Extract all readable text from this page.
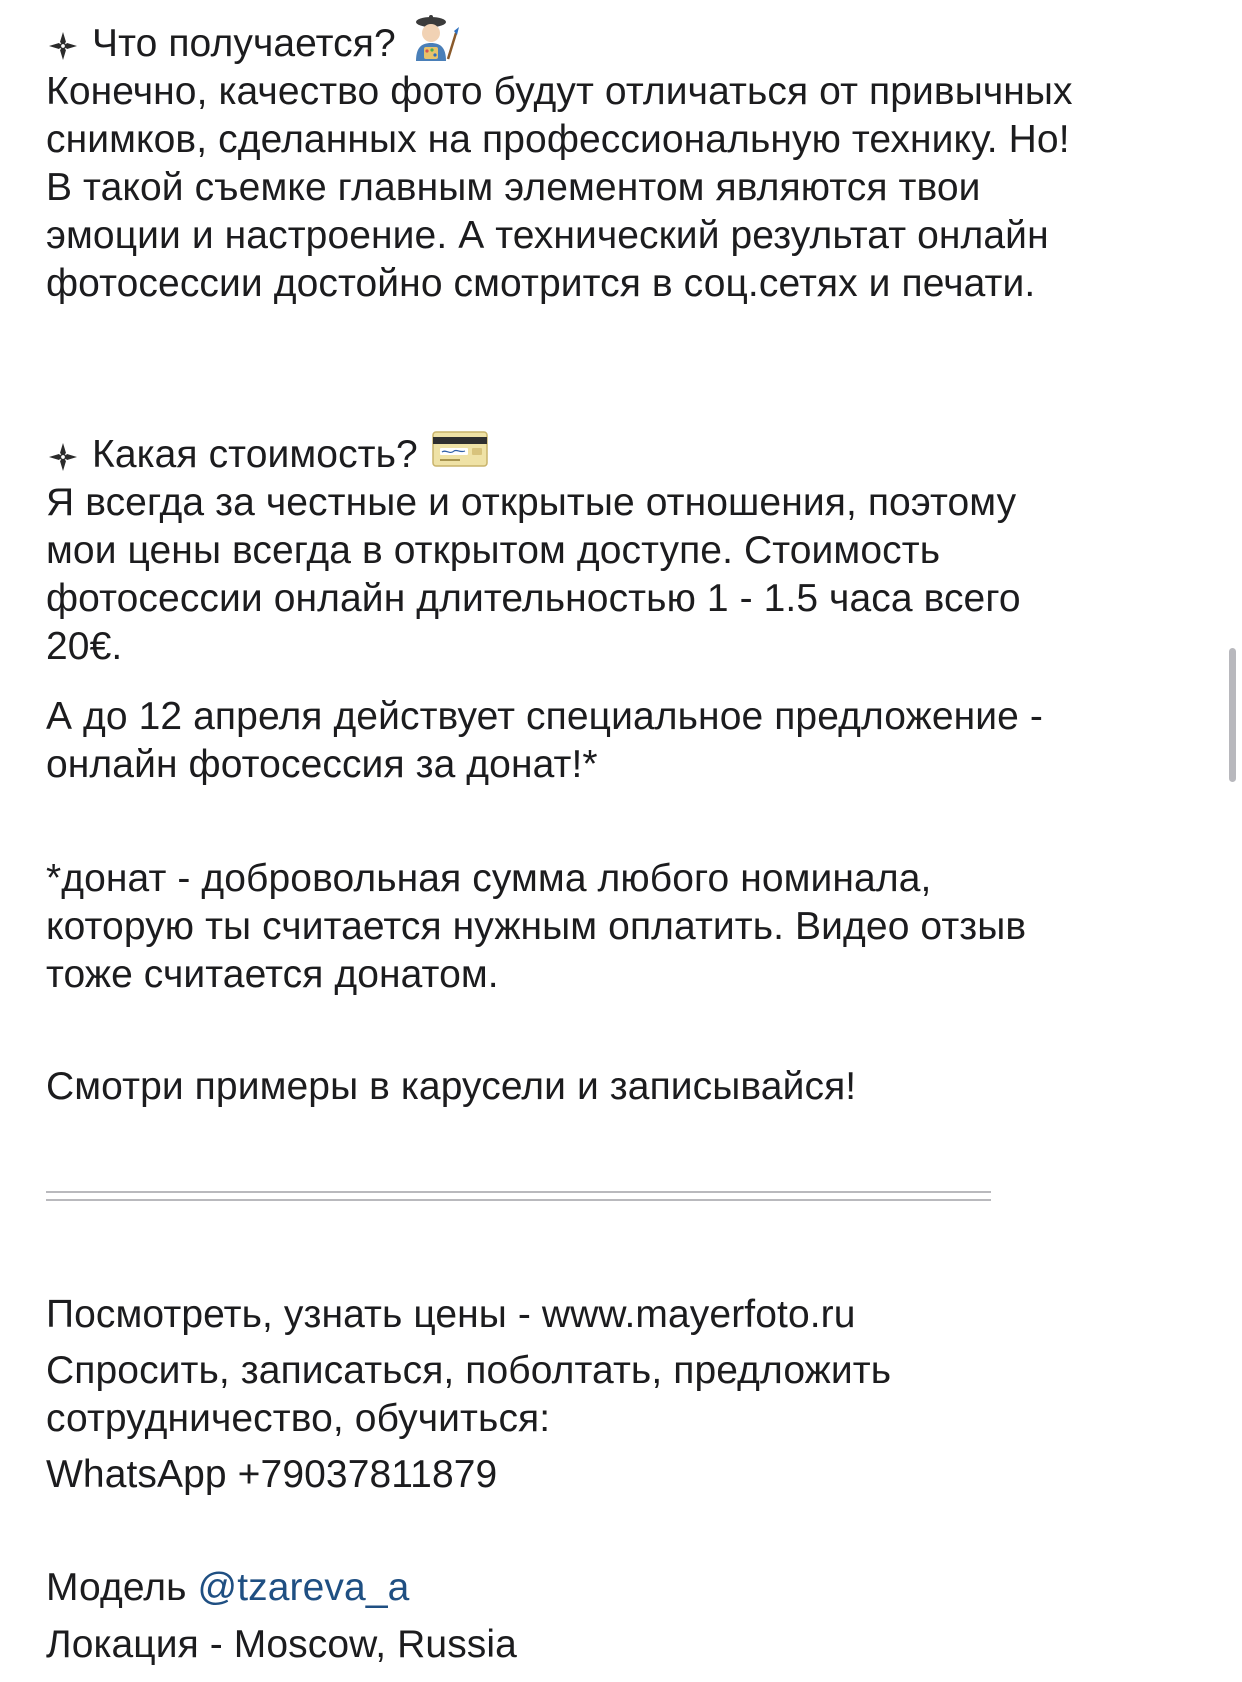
Что получается?
Конечно, качество фото будут отличаться от привычных
снимков, сделанных на профессиональную технику. Но!
В такой съемке главным элементом являются твои
эмоции и настроение. А технический результат онлайн
фотосессии достойно смотрится в соц.сетях и печати.
Какая стоимость?
Я всегда за честные и открытые отношения, поэтому
мои цены всегда в открытом доступе. Стоимость
фотосессии онлайн длительностью 1 - 1.5 часа всего
20€.
А до 12 апреля действует специальное предложение -
онлайн фотосессия за донат!*
*донат - добровольная сумма любого номинала,
которую ты считается нужным оплатить. Видео отзыв
тоже считается донатом.
Смотри примеры в карусели и записывайся!
Посмотреть, узнать цены - www.mayerfoto.ru
Спросить, записаться, поболтать, предложить
сотрудничество, обучиться:
WhatsApp +79037811879
Модель @tzareva_a
Локация - Moscow, Russia
